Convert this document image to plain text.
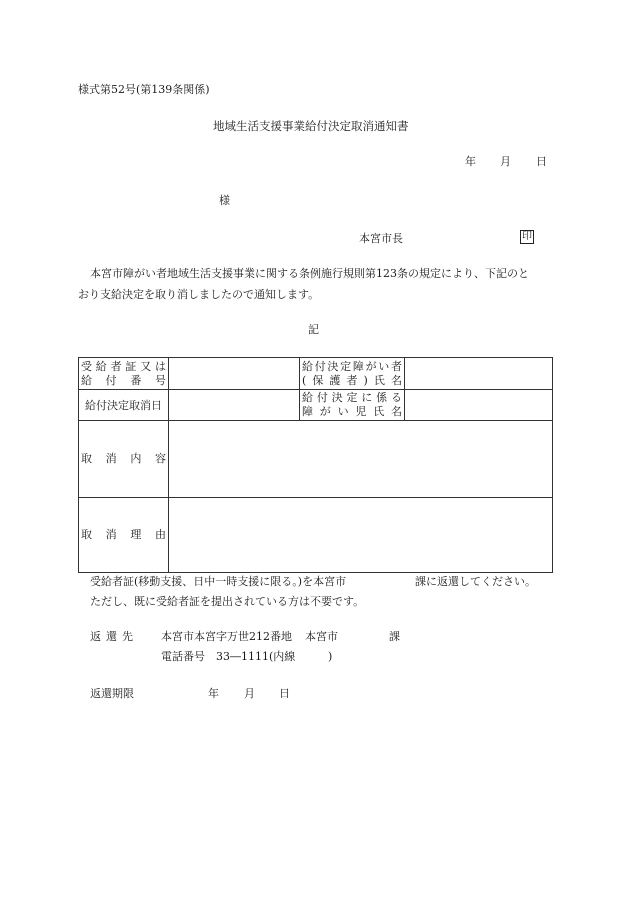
様式第52号(第139条関係)
地域生活支援事業給付決定取消通知書
年 月 日
様
本宮市長	印
本宮市障がい者地域生活支援事業に関する条例施行規則第123条の規定により、下記のと
おり支給決定を取り消しましたので通知します。
記
受給者証又は
給付番号		給付決定障がい者
(保護者)氏名	

給付決定取消日		給付決定に係る
障がい児氏名	

取消内容			

取消理由			

受給者証(移動支援、日中一時支援に限る。)を本宮市	課に返還してください。
ただし、既に受給者証を提出されている方は不要です。
返還先 本宮市本宮字万世212番地 本宮市	課
電話番号 33―1111(内線	)
返還期限	年 月 日
